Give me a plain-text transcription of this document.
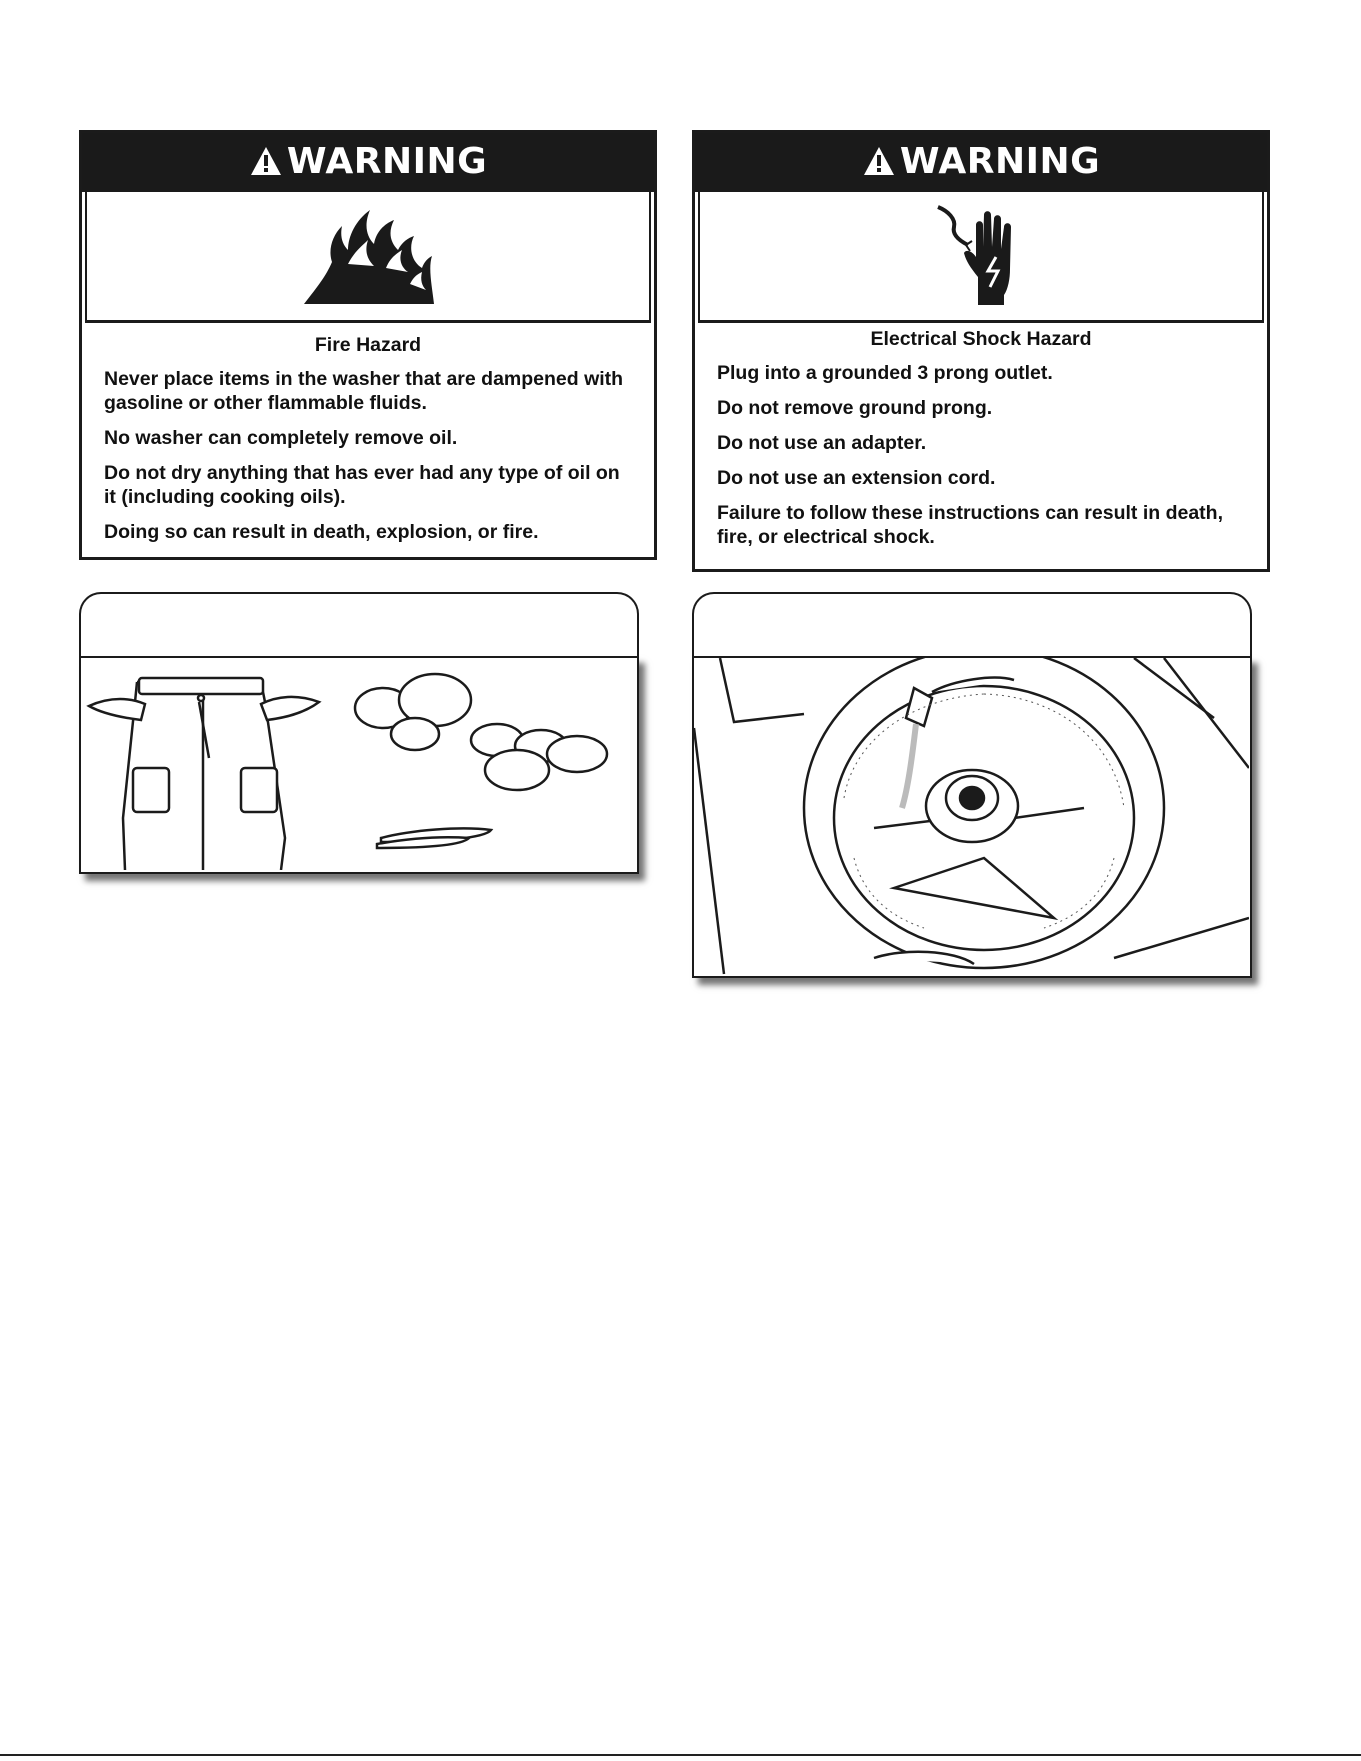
WARNING
Fire Hazard

Never place items in the washer that are dampened with gasoline or other flammable fluids.

No washer can completely remove oil.

Do not dry anything that has ever had any type of oil on it (including cooking oils).

Doing so can result in death, explosion, or fire.

WARNING
Electrical Shock Hazard

Plug into a grounded 3 prong outlet.

Do not remove ground prong.

Do not use an adapter.

Do not use an extension cord.

Failure to follow these instructions can result in death, fire, or electrical shock.
